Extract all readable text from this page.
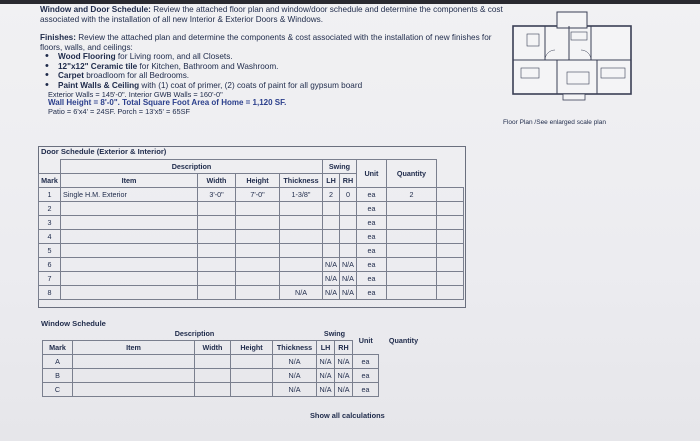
Window and Door Schedule: Review the attached floor plan and window/door schedule and determine the components & cost associated with the installation of all new Interior & Exterior Doors & Windows.
Finishes: Review the attached plan and determine the components & cost associated with the installation of new finishes for floors, walls, and ceilings:
• Wood Flooring for Living room, and all Closets.
• 12"x12" Ceramic tile for Kitchen, Bathroom and Washroom.
• Carpet broadloom for all Bedrooms.
• Paint Walls & Ceiling with (1) coat of primer, (2) coats of paint for all gypsum board
Exterior Walls = 145'-0". Interior GWB Walls = 160'-0"
Wall Height = 8'-0". Total Square Foot Area of Home = 1,120 SF.
Patio = 6'x4' = 24SF. Porch = 13'x5' = 65SF
Floor Plan /See enlarged scale plan
Door Schedule (Exterior & Interior)
	Description				Swing		Unit	Quantity	
Mark	Item	Width	Height	Thickness	LH	RH			
1	Single H.M. Exterior	3'-0"	7'-0"	1-3/8"	2	0	ea	2	
2							ea		
3							ea		
4							ea		
5							ea		
6					N/A	N/A	ea		
7					N/A	N/A	ea		
8				N/A	N/A	N/A	ea		
Window Schedule
	Description				Swing		Unit	Quantity	
Mark	Item	Width	Height	Thickness	LH	RH			
A				N/A	N/A	N/A	ea		
B				N/A	N/A	N/A	ea		
C				N/A	N/A	N/A	ea		
Show all calculations
